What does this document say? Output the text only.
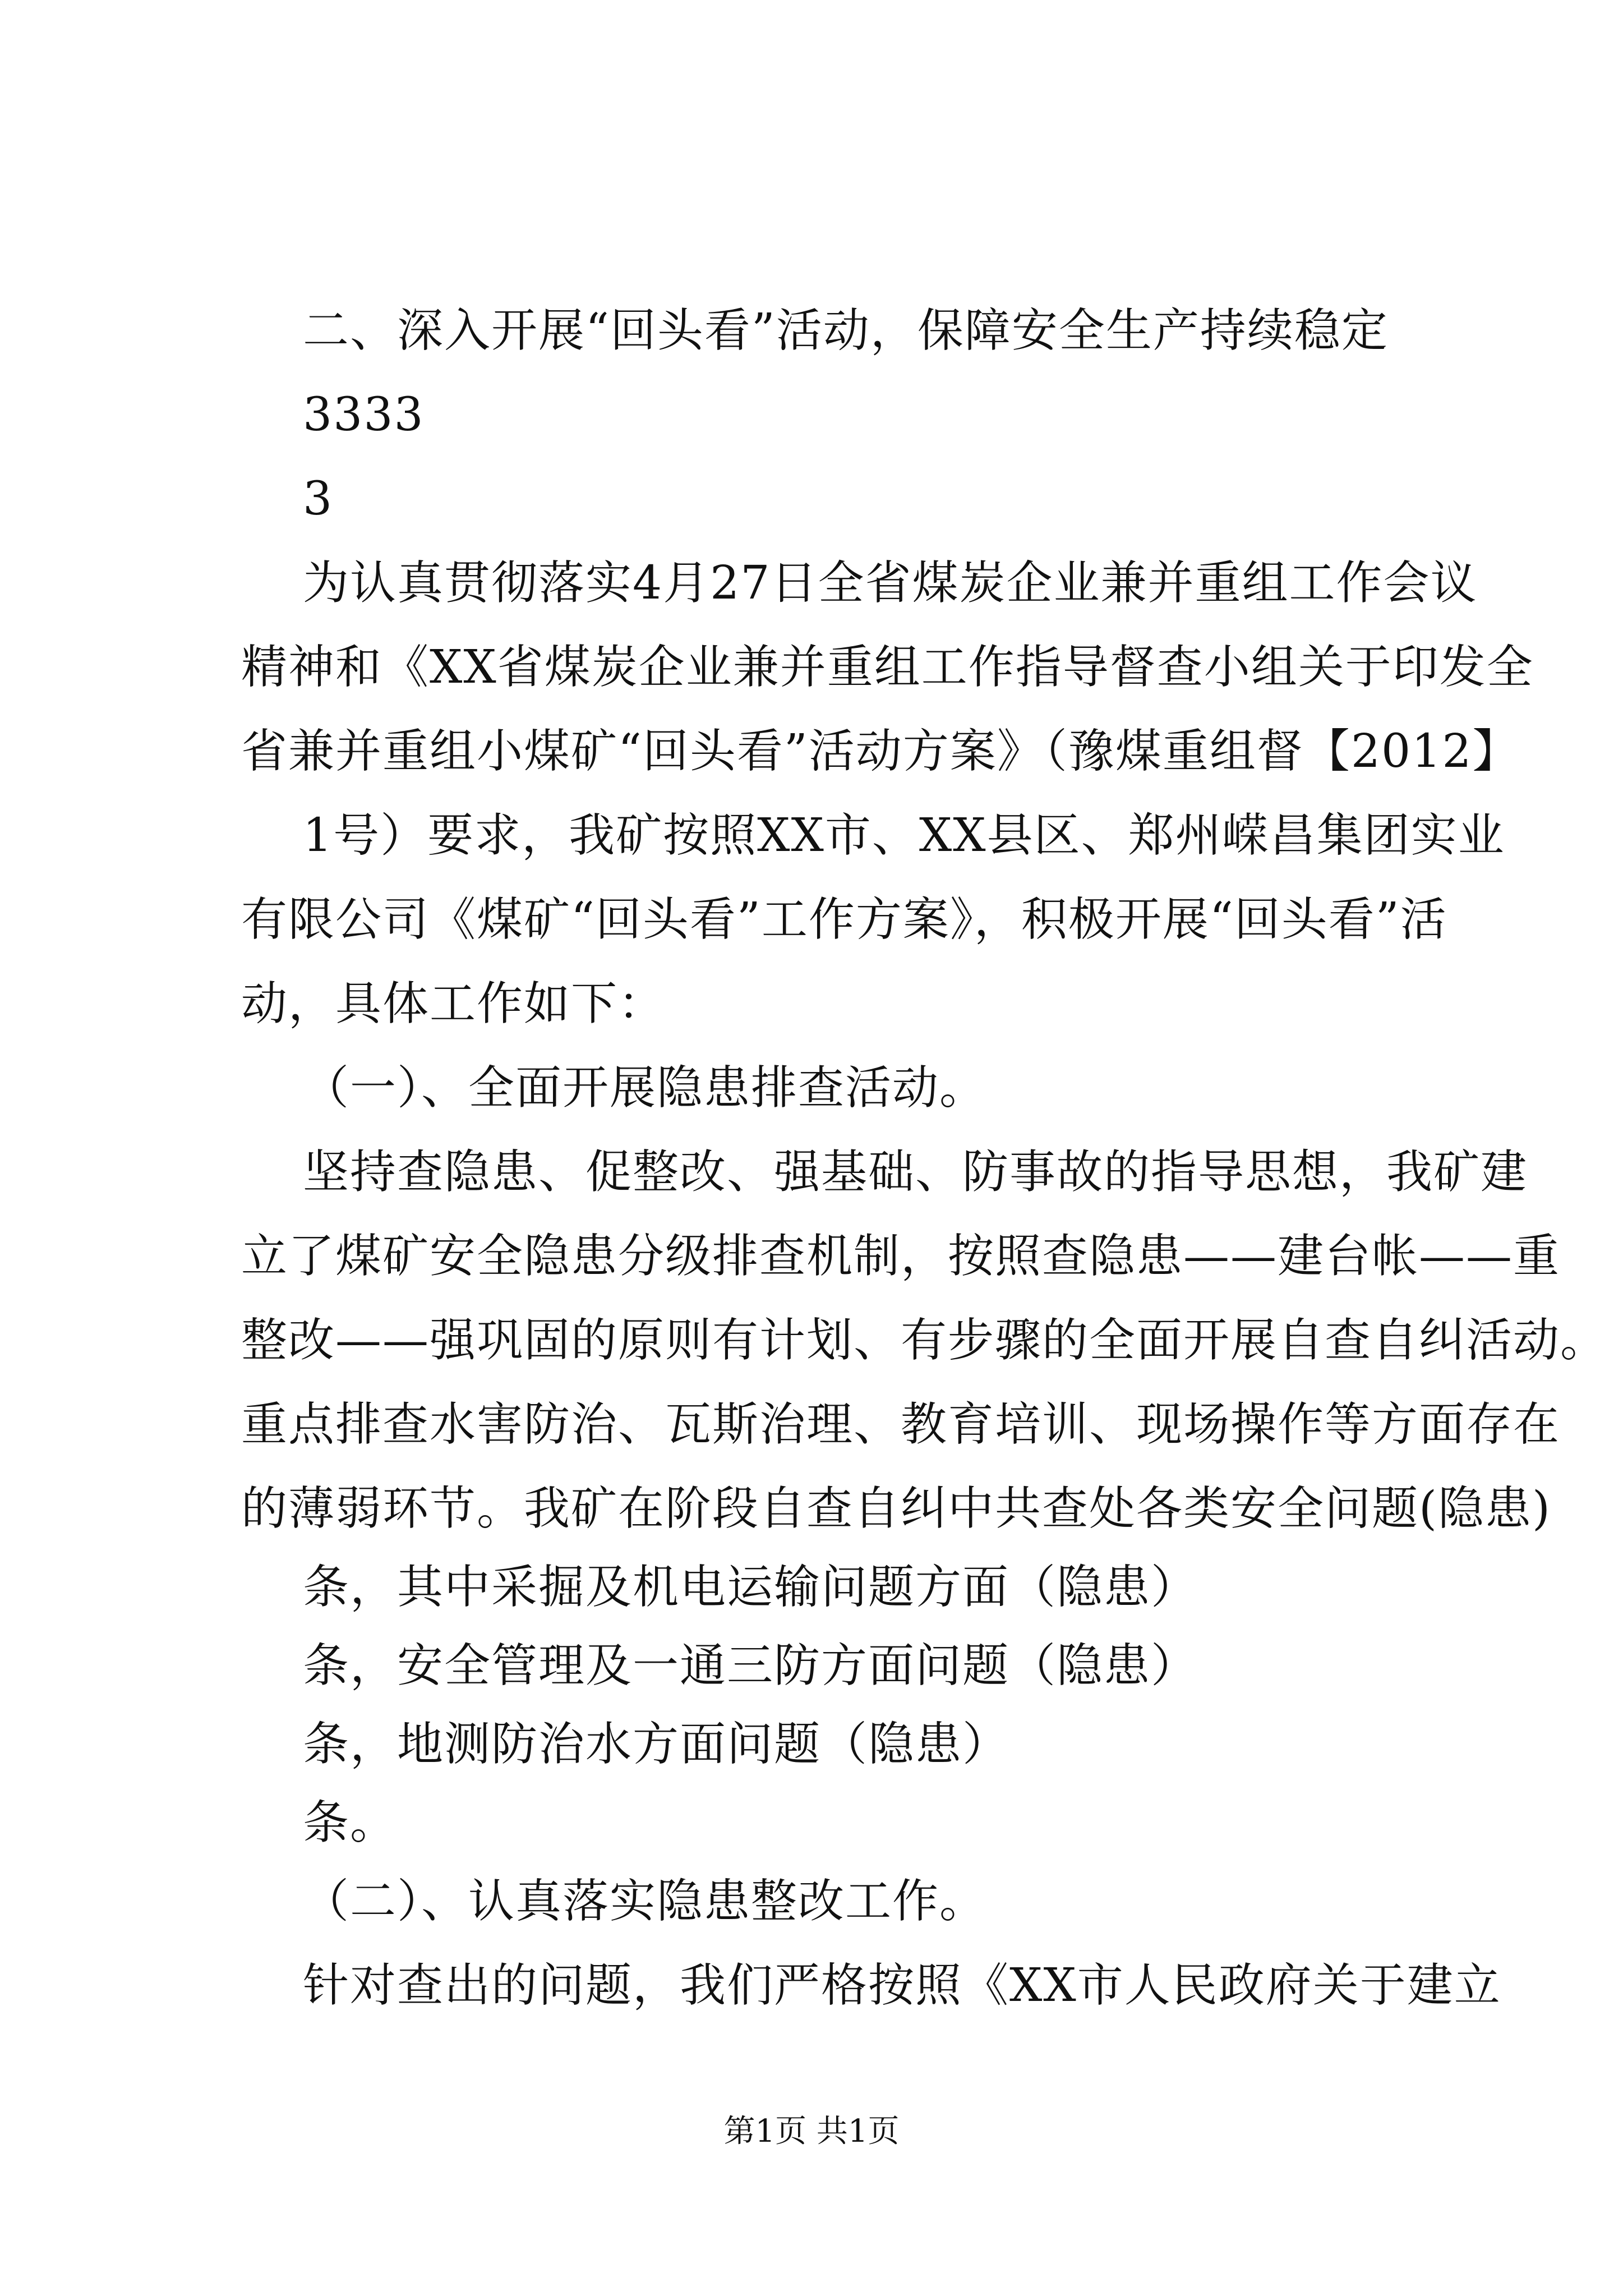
二、深入开展“回头看”活动，保障安全生产持续稳定
3333
3
为认真贯彻落实4月27日全省煤炭企业兼并重组工作会议
精神和《XX省煤炭企业兼并重组工作指导督查小组关于印发全
省兼并重组小煤矿“回头看”活动方案》（豫煤重组督【2012】
1号）要求，我矿按照XX市、XX县区、郑州嵘昌集团实业
有限公司《煤矿“回头看”工作方案》，积极开展“回头看”活
动，具体工作如下：
（一）、全面开展隐患排查活动。
坚持查隐患、促整改、强基础、防事故的指导思想，我矿建
立了煤矿安全隐患分级排查机制，按照查隐患——建台帐——重
整改——强巩固的原则有计划、有步骤的全面开展自查自纠活动。
重点排查水害防治、瓦斯治理、教育培训、现场操作等方面存在
的薄弱环节。我矿在阶段自查自纠中共查处各类安全问题(隐患)
条，其中采掘及机电运输问题方面（隐患）
条，安全管理及一通三防方面问题（隐患）
条，地测防治水方面问题（隐患）
条。
（二）、认真落实隐患整改工作。
针对查出的问题，我们严格按照《XX市人民政府关于建立
第1页 共1页
